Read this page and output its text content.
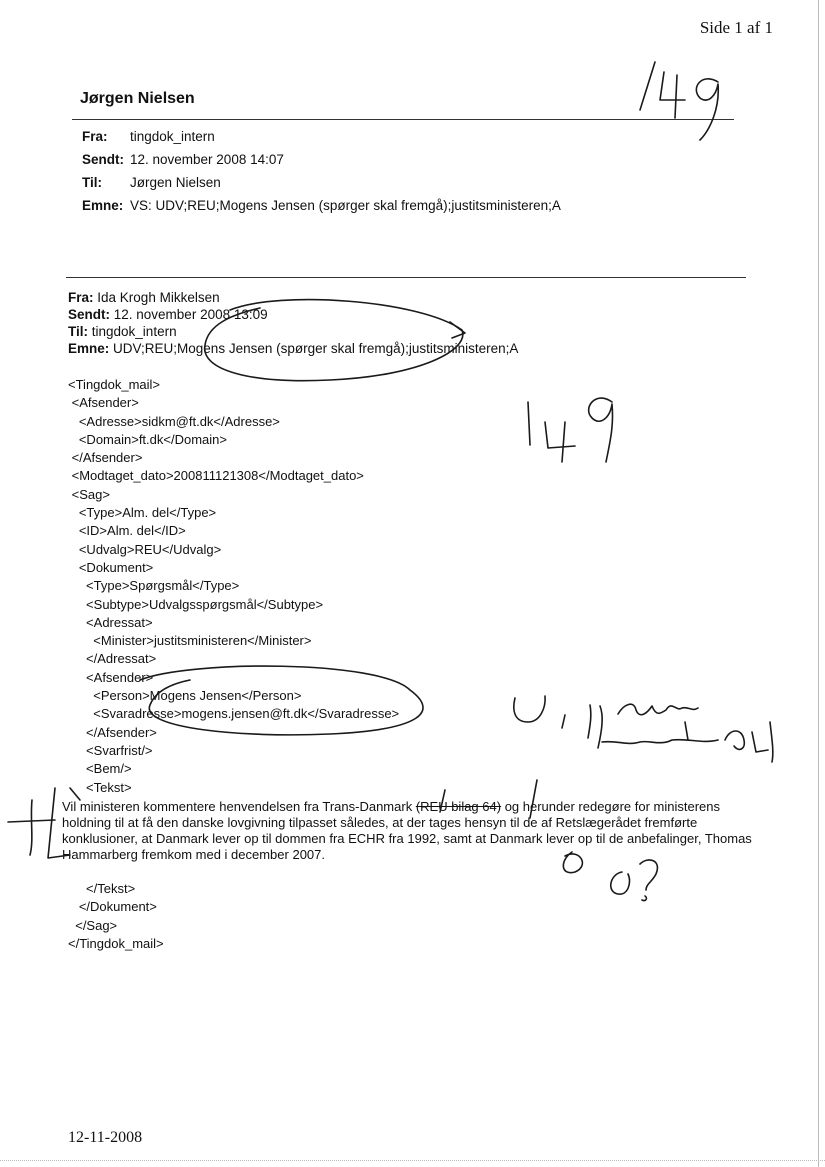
Side 1 af 1
Jørgen Nielsen
Fra: tingdok_intern
Sendt: 12. november 2008 14:07
Til: Jørgen Nielsen
Emne: VS: UDV;REU;Mogens Jensen (spørger skal fremgå);justitsministeren;A
Fra: Ida Krogh Mikkelsen
Sendt: 12. november 2008 13:09
Til: tingdok_intern
Emne: UDV;REU;Mogens Jensen (spørger skal fremgå);justitsministeren;A
<Tingdok_mail>
<Afsender>
<Adresse>sidkm@ft.dk</Adresse>
<Domain>ft.dk</Domain>
</Afsender>
<Modtaget_dato>200811121308</Modtaget_dato>
<Sag>
<Type>Alm. del</Type>
<ID>Alm. del</ID>
<Udvalg>REU</Udvalg>
<Dokument>
<Type>Spørgsmål</Type>
<Subtype>Udvalgsspørgsmål</Subtype>
<Adressat>
<Minister>justitsministeren</Minister>
</Adressat>
<Afsender>
<Person>Mogens Jensen</Person>
<Svaradresse>mogens.jensen@ft.dk</Svaradresse>
</Afsender>
<Svarfrist/>
<Bem/>
<Tekst>
Vil ministeren kommentere henvendelsen fra Trans-Danmark (REU bilag 64) og herunder redegøre for ministerens holdning til at få den danske lovgivning tilpasset således, at der tages hensyn til de af Retslægerådet fremførte konklusioner, at Danmark lever op til dommen fra ECHR fra 1992, samt at Danmark lever op til de anbefalinger, Thomas Hammarberg fremkom med i december 2007.
</Tekst>
</Dokument>
</Sag>
</Tingdok_mail>
12-11-2008
